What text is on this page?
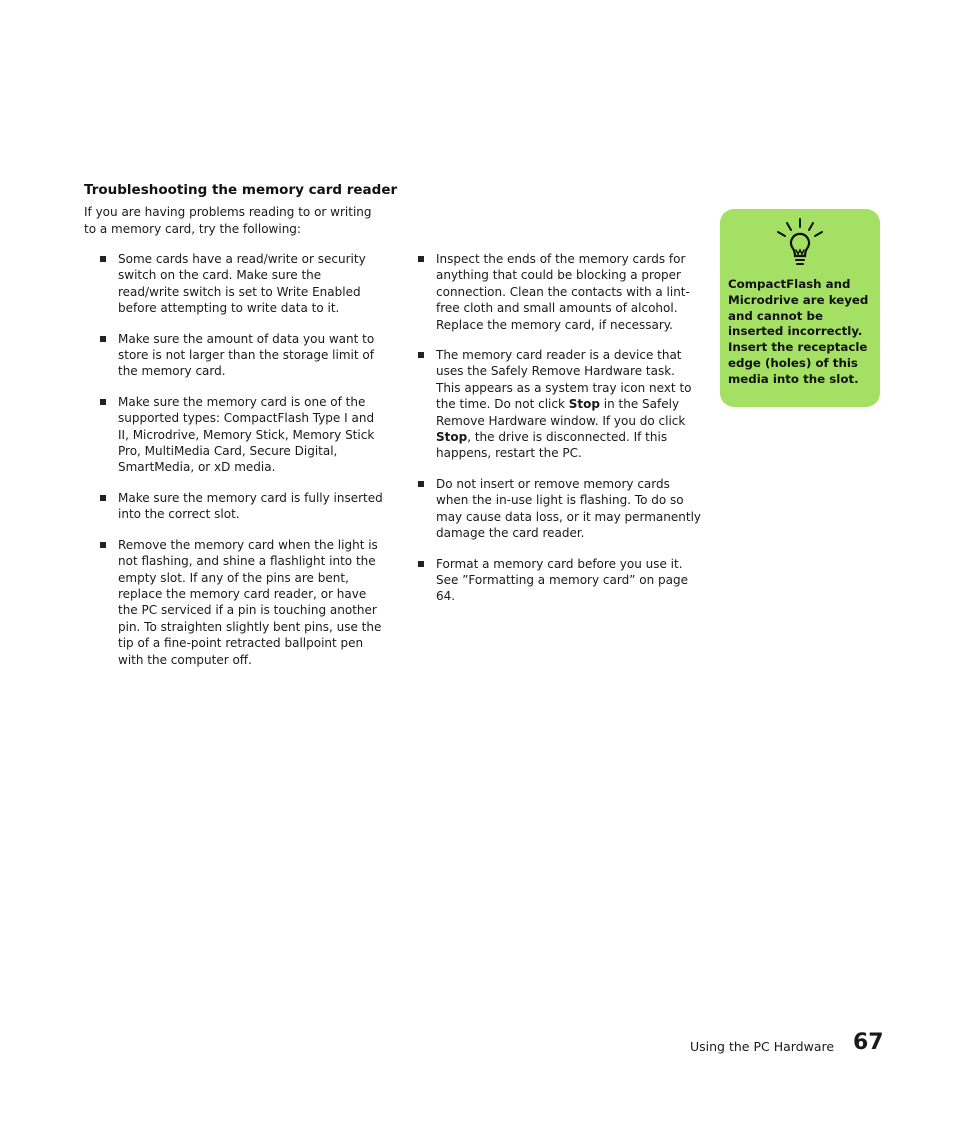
Troubleshooting the memory card reader

If you are having problems reading to or writing to a memory card, try the following:

Some cards have a read/write or security switch on the card. Make sure the read/write switch is set to Write Enabled before attempting to write data to it.
Make sure the amount of data you want to store is not larger than the storage limit of the memory card.
Make sure the memory card is one of the supported types: CompactFlash Type I and II, Microdrive, Memory Stick, Memory Stick Pro, MultiMedia Card, Secure Digital, SmartMedia, or xD media.
Make sure the memory card is fully inserted into the correct slot.
Remove the memory card when the light is not flashing, and shine a flashlight into the empty slot. If any of the pins are bent, replace the memory card reader, or have the PC serviced if a pin is touching another pin. To straighten slightly bent pins, use the tip of a fine-point retracted ballpoint pen with the computer off.
Inspect the ends of the memory cards for anything that could be blocking a proper connection. Clean the contacts with a lint-free cloth and small amounts of alcohol. Replace the memory card, if necessary.
The memory card reader is a device that uses the Safely Remove Hardware task. This appears as a system tray icon next to the time. Do not click Stop in the Safely Remove Hardware window. If you do click Stop, the drive is disconnected. If this happens, restart the PC.
Do not insert or remove memory cards when the in-use light is flashing. To do so may cause data loss, or it may permanently damage the card reader.
Format a memory card before you use it. See ”Formatting a memory card” on page 64.
CompactFlash and Microdrive are keyed and cannot be inserted incorrectly. Insert the receptacle edge (holes) of this media into the slot.
Using the PC Hardware 67
